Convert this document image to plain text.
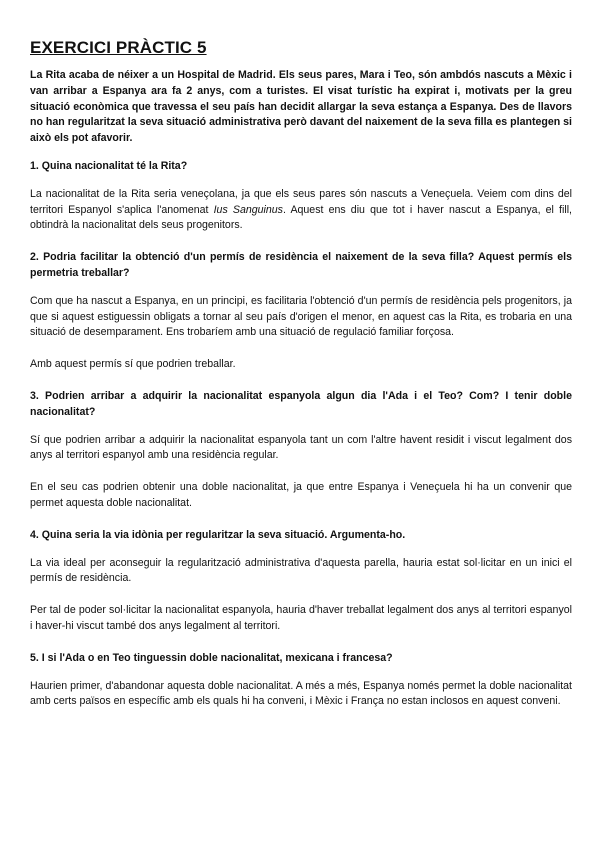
EXERCICI PRÀCTIC 5

La Rita acaba de néixer a un Hospital de Madrid. Els seus pares, Mara i Teo, són ambdós nascuts a Mèxic i van arribar a Espanya ara fa 2 anys, com a turistes. El visat turístic ha expirat i, motivats per la greu situació econòmica que travessa el seu país han decidit allargar la seva estança a Espanya. Des de llavors no han regularitzat la seva situació administrativa però davant del naixement de la seva filla es plantegen si això els pot afavorir.

1. Quina nacionalitat té la Rita?

La nacionalitat de la Rita seria veneçolana, ja que els seus pares són nascuts a Veneçuela. Veiem com dins del territori Espanyol s'aplica l'anomenat Ius Sanguinus. Aquest ens diu que tot i haver nascut a Espanya, el fill, obtindrà la nacionalitat dels seus progenitors.

2. Podria facilitar la obtenció d'un permís de residència el naixement de la seva filla? Aquest permís els permetria treballar?

Com que ha nascut a Espanya, en un principi, es facilitaria l'obtenció d'un permís de residència pels progenitors, ja que si aquest estiguessin obligats a tornar al seu país d'origen el menor, en aquest cas la Rita, es trobaria en una situació de desemparament. Ens trobaríem amb una situació de regulació familiar forçosa.

Amb aquest permís sí que podrien treballar.

3. Podrien arribar a adquirir la nacionalitat espanyola algun dia l'Ada i el Teo? Com? I tenir doble nacionalitat?

Sí que podrien arribar a adquirir la nacionalitat espanyola tant un com l'altre havent residit i viscut legalment dos anys al territori espanyol amb una residència regular.

En el seu cas podrien obtenir una doble nacionalitat, ja que entre Espanya i Veneçuela hi ha un convenir que permet aquesta doble nacionalitat.

4. Quina seria la via idònia per regularitzar la seva situació. Argumenta-ho.

La via ideal per aconseguir la regularització administrativa d'aquesta parella, hauria estat sol·licitar en un inici el permís de residència.

Per tal de poder sol·licitar la nacionalitat espanyola, hauria d'haver treballat legalment dos anys al territori espanyol i haver-hi viscut també dos anys legalment al territori.

5. I si l'Ada o en Teo tinguessin doble nacionalitat, mexicana i francesa?

Haurien primer, d'abandonar aquesta doble nacionalitat. A més a més, Espanya només permet la doble nacionalitat amb certs països en específic amb els quals hi ha conveni, i Mèxic i França no estan inclosos en aquest conveni.
